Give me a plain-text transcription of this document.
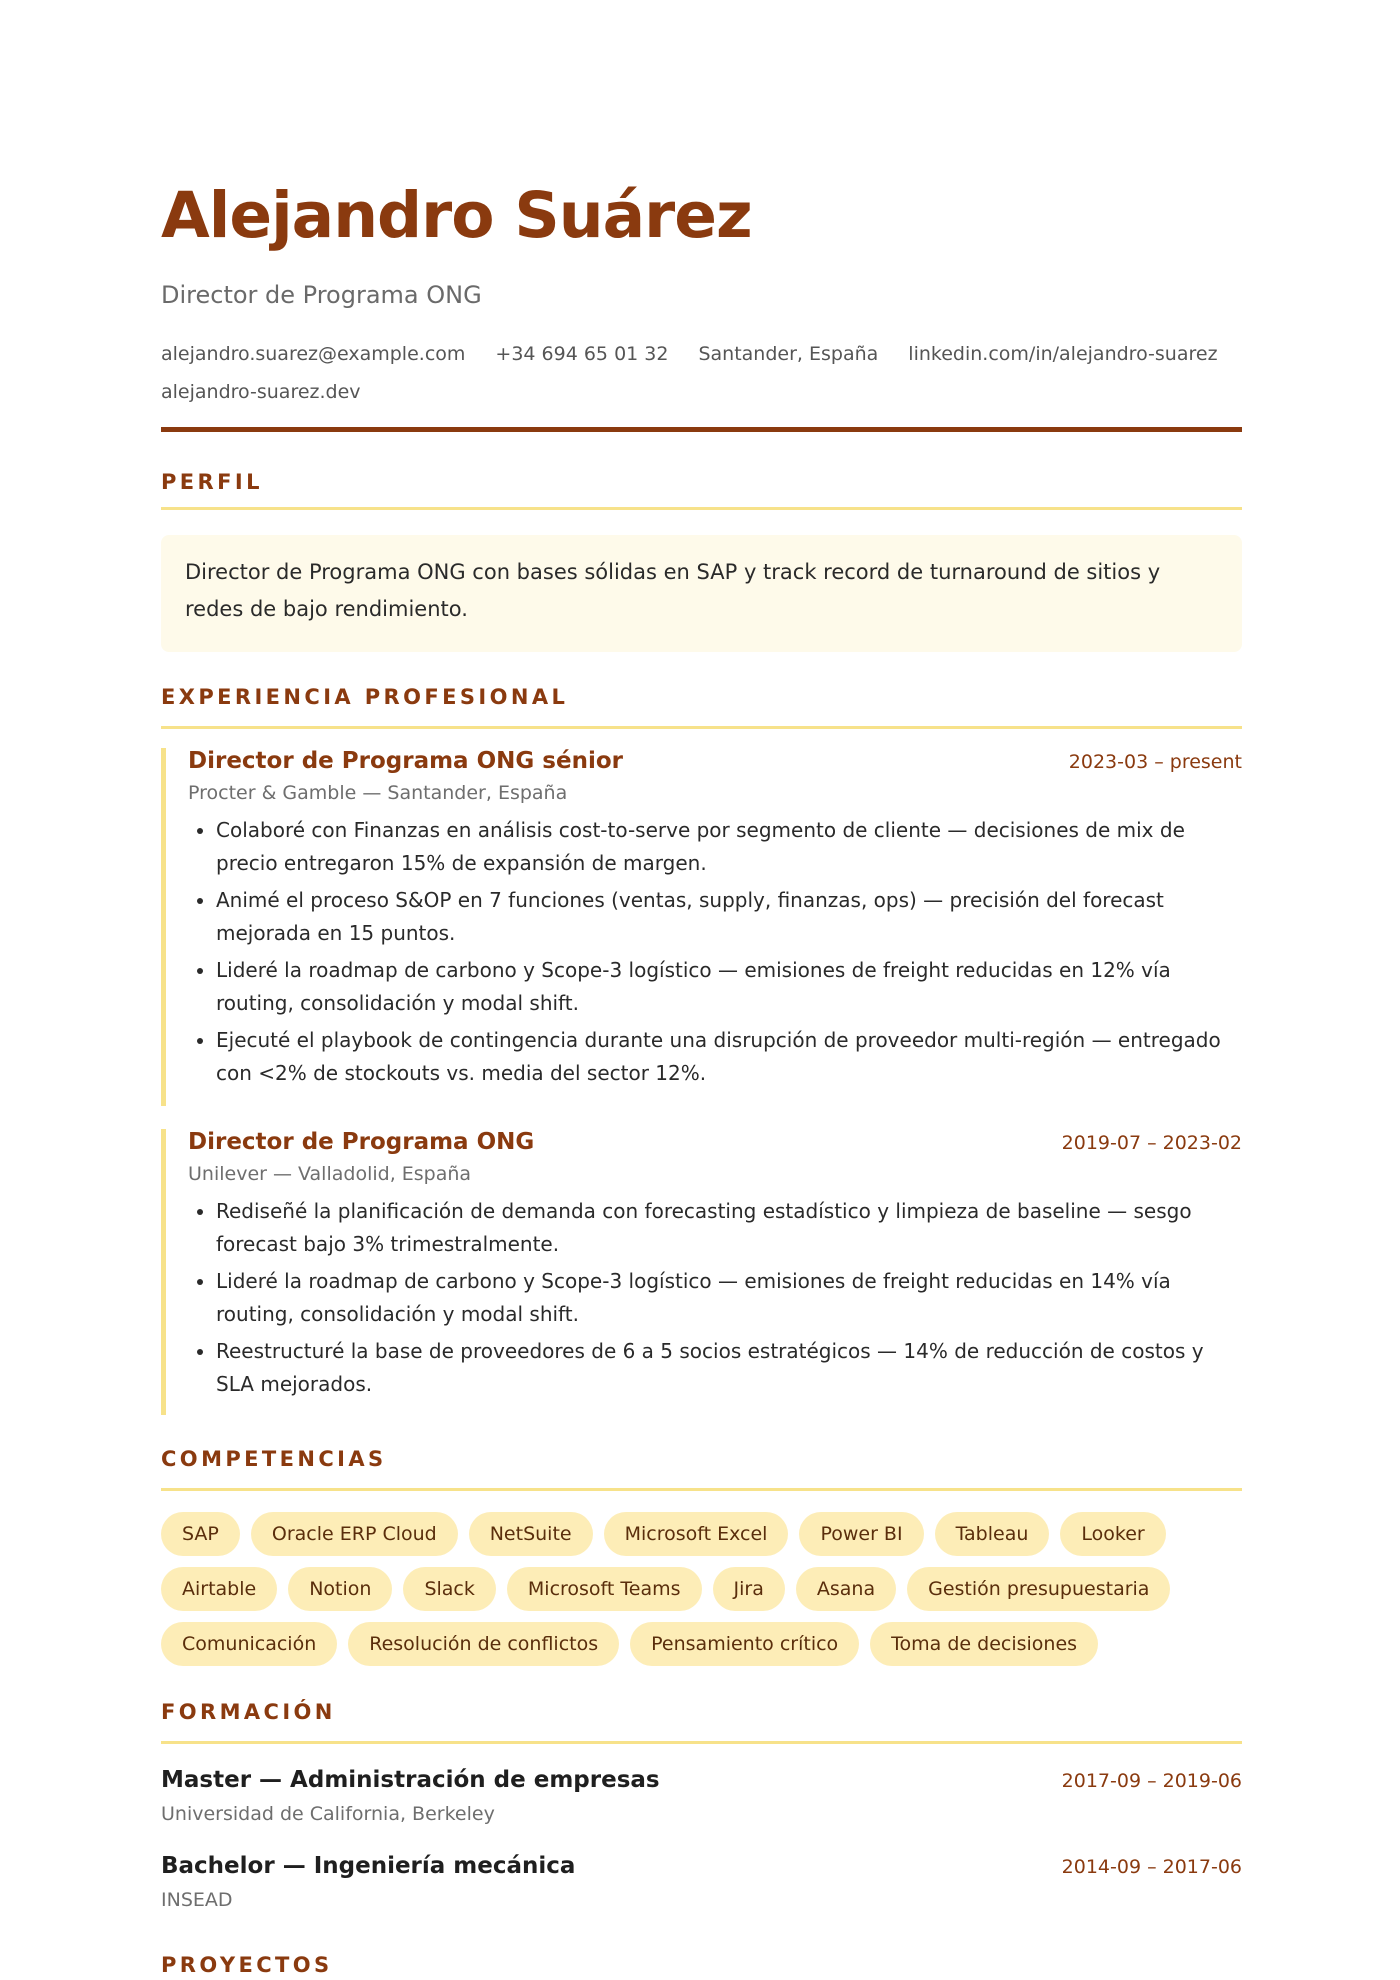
Alejandro Suárez
Director de Programa ONG
alejandro.suarez@example.com +34 694 65 01 32 Santander, España linkedin.com/in/alejandro-suarez
alejandro-suarez.dev
PERFIL
Director de Programa ONG con bases sólidas en SAP y track record de turnaround de sitios y redes de bajo rendimiento.
EXPERIENCIA PROFESIONAL
Director de Programa ONG sénior	2023-03 – present
Procter & Gamble — Santander, España
• Colaboré con Finanzas en análisis cost-to-serve por segmento de cliente — decisiones de mix de precio entregaron 15% de expansión de margen.
• Animé el proceso S&OP en 7 funciones (ventas, supply, finanzas, ops) — precisión del forecast mejorada en 15 puntos.
• Lideré la roadmap de carbono y Scope-3 logístico — emisiones de freight reducidas en 12% vía routing, consolidación y modal shift.
• Ejecuté el playbook de contingencia durante una disrupción de proveedor multi-región — entregado con <2% de stockouts vs. media del sector 12%.
Director de Programa ONG	2019-07 – 2023-02
Unilever — Valladolid, España
• Rediseñé la planificación de demanda con forecasting estadístico y limpieza de baseline — sesgo forecast bajo 3% trimestralmente.
• Lideré la roadmap de carbono y Scope-3 logístico — emisiones de freight reducidas en 14% vía routing, consolidación y modal shift.
• Reestructuré la base de proveedores de 6 a 5 socios estratégicos — 14% de reducción de costos y SLA mejorados.
COMPETENCIAS
SAP	Oracle ERP Cloud	NetSuite	Microsoft Excel	Power BI	Tableau	Looker
Airtable	Notion	Slack	Microsoft Teams	Jira	Asana	Gestión presupuestaria
Comunicación	Resolución de conflictos	Pensamiento crítico	Toma de decisiones
FORMACIÓN
Master — Administración de empresas	2017-09 – 2019-06
Universidad de California, Berkeley
Bachelor — Ingeniería mecánica	2014-09 – 2017-06
INSEAD
PROYECTOS
